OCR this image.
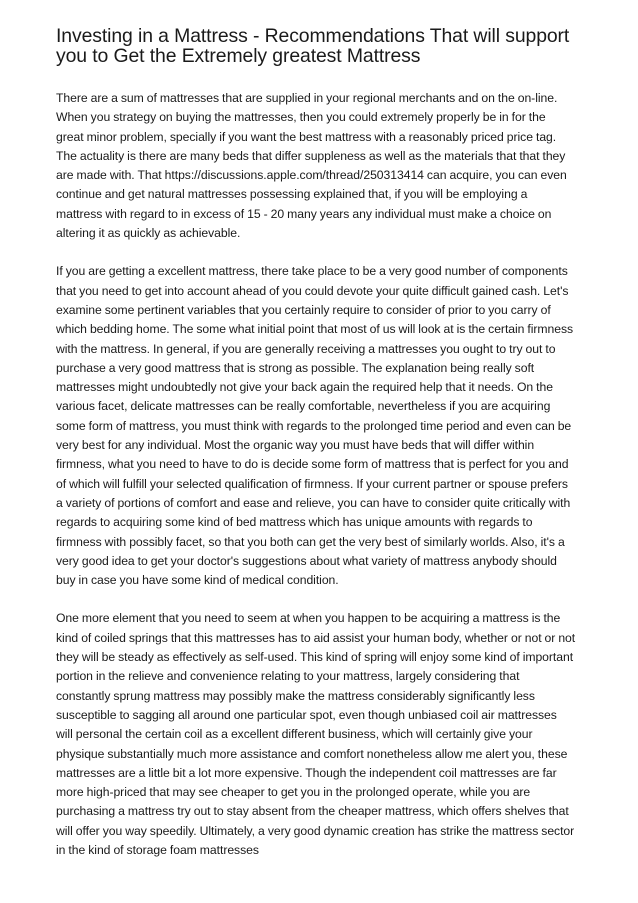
Investing in a Mattress - Recommendations That will support you to Get the Extremely greatest Mattress

There are a sum of mattresses that are supplied in your regional merchants and on the on-line. When you strategy on buying the mattresses, then you could extremely properly be in for the great minor problem, specially if you want the best mattress with a reasonably priced price tag. The actuality is there are many beds that differ suppleness as well as the materials that that they are made with. That https://discussions.apple.com/thread/250313414 can acquire, you can even continue and get natural mattresses possessing explained that, if you will be employing a mattress with regard to in excess of 15 - 20 many years any individual must make a choice on altering it as quickly as achievable.

If you are getting a excellent mattress, there take place to be a very good number of components that you need to get into account ahead of you could devote your quite difficult gained cash. Let's examine some pertinent variables that you certainly require to consider of prior to you carry of which bedding home. The some what initial point that most of us will look at is the certain firmness with the mattress. In general, if you are generally receiving a mattresses you ought to try out to purchase a very good mattress that is strong as possible. The explanation being really soft mattresses might undoubtedly not give your back again the required help that it needs. On the various facet, delicate mattresses can be really comfortable, nevertheless if you are acquiring some form of mattress, you must think with regards to the prolonged time period and even can be very best for any individual. Most the organic way you must have beds that will differ within firmness, what you need to have to do is decide some form of mattress that is perfect for you and of which will fulfill your selected qualification of firmness. If your current partner or spouse prefers a variety of portions of comfort and ease and relieve, you can have to consider quite critically with regards to acquiring some kind of bed mattress which has unique amounts with regards to firmness with possibly facet, so that you both can get the very best of similarly worlds. Also, it's a very good idea to get your doctor's suggestions about what variety of mattress anybody should buy in case you have some kind of medical condition.

One more element that you need to seem at when you happen to be acquiring a mattress is the kind of coiled springs that this mattresses has to aid assist your human body, whether or not or not they will be steady as effectively as self-used. This kind of spring will enjoy some kind of important portion in the relieve and convenience relating to your mattress, largely considering that constantly sprung mattress may possibly make the mattress considerably significantly less susceptible to sagging all around one particular spot, even though unbiased coil air mattresses will personal the certain coil as a excellent different business, which will certainly give your physique substantially much more assistance and comfort nonetheless allow me alert you, these mattresses are a little bit a lot more expensive. Though the independent coil mattresses are far more high-priced that may see cheaper to get you in the prolonged operate, while you are purchasing a mattress try out to stay absent from the cheaper mattress, which offers shelves that will offer you way speedily. Ultimately, a very good dynamic creation has strike the mattress sector in the kind of storage foam mattresses
